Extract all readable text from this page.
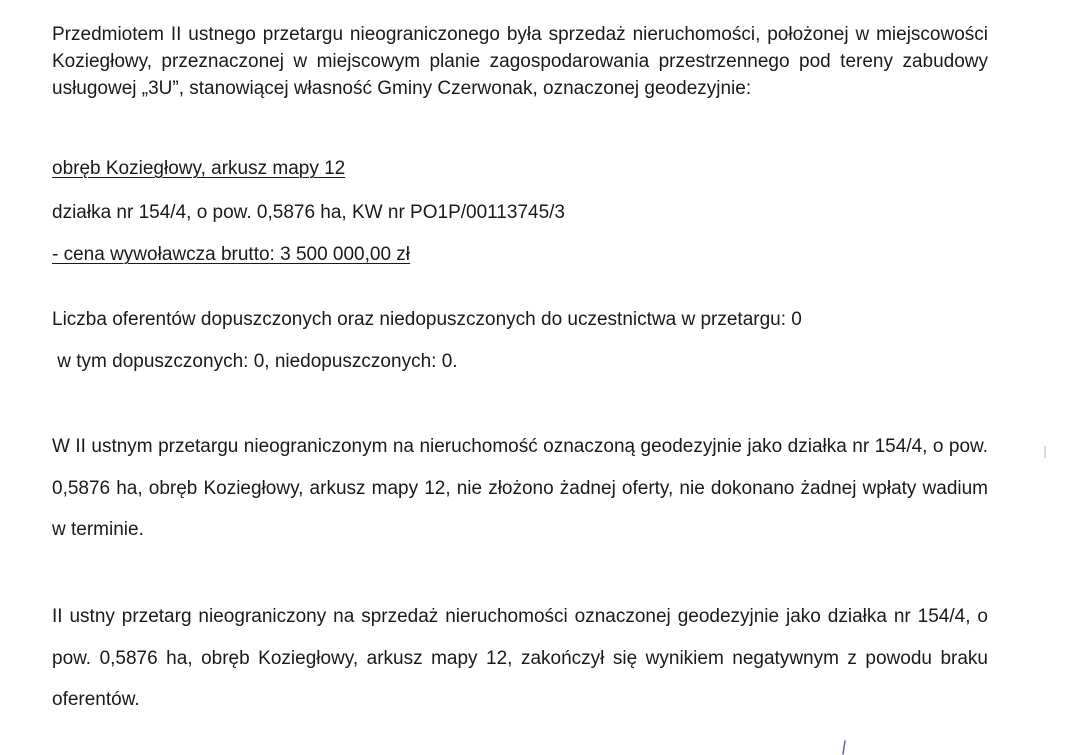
Przedmiotem II ustnego przetargu nieograniczonego była sprzedaż nieruchomości, położonej w miejscowości Koziegłowy, przeznaczonej w miejscowym planie zagospodarowania przestrzennego pod tereny zabudowy usługowej „3U”, stanowiącej własność Gminy Czerwonak, oznaczonej geodezyjnie:

obręb Koziegłowy, arkusz mapy 12

działka nr 154/4, o pow. 0,5876 ha, KW nr PO1P/00113745/3

- cena wywoławcza brutto: 3 500 000,00 zł

Liczba oferentów dopuszczonych oraz niedopuszczonych do uczestnictwa w przetargu: 0

w tym dopuszczonych: 0, niedopuszczonych: 0.

W II ustnym przetargu nieograniczonym na nieruchomość oznaczoną geodezyjnie jako działka nr 154/4, o pow. 0,5876 ha, obręb Koziegłowy, arkusz mapy 12, nie złożono żadnej oferty, nie dokonano żadnej wpłaty wadium w terminie.

II ustny przetarg nieograniczony na sprzedaż nieruchomości oznaczonej geodezyjnie jako działka nr 154/4, o pow. 0,5876 ha, obręb Koziegłowy, arkusz mapy 12, zakończył się wynikiem negatywnym z powodu braku oferentów.
